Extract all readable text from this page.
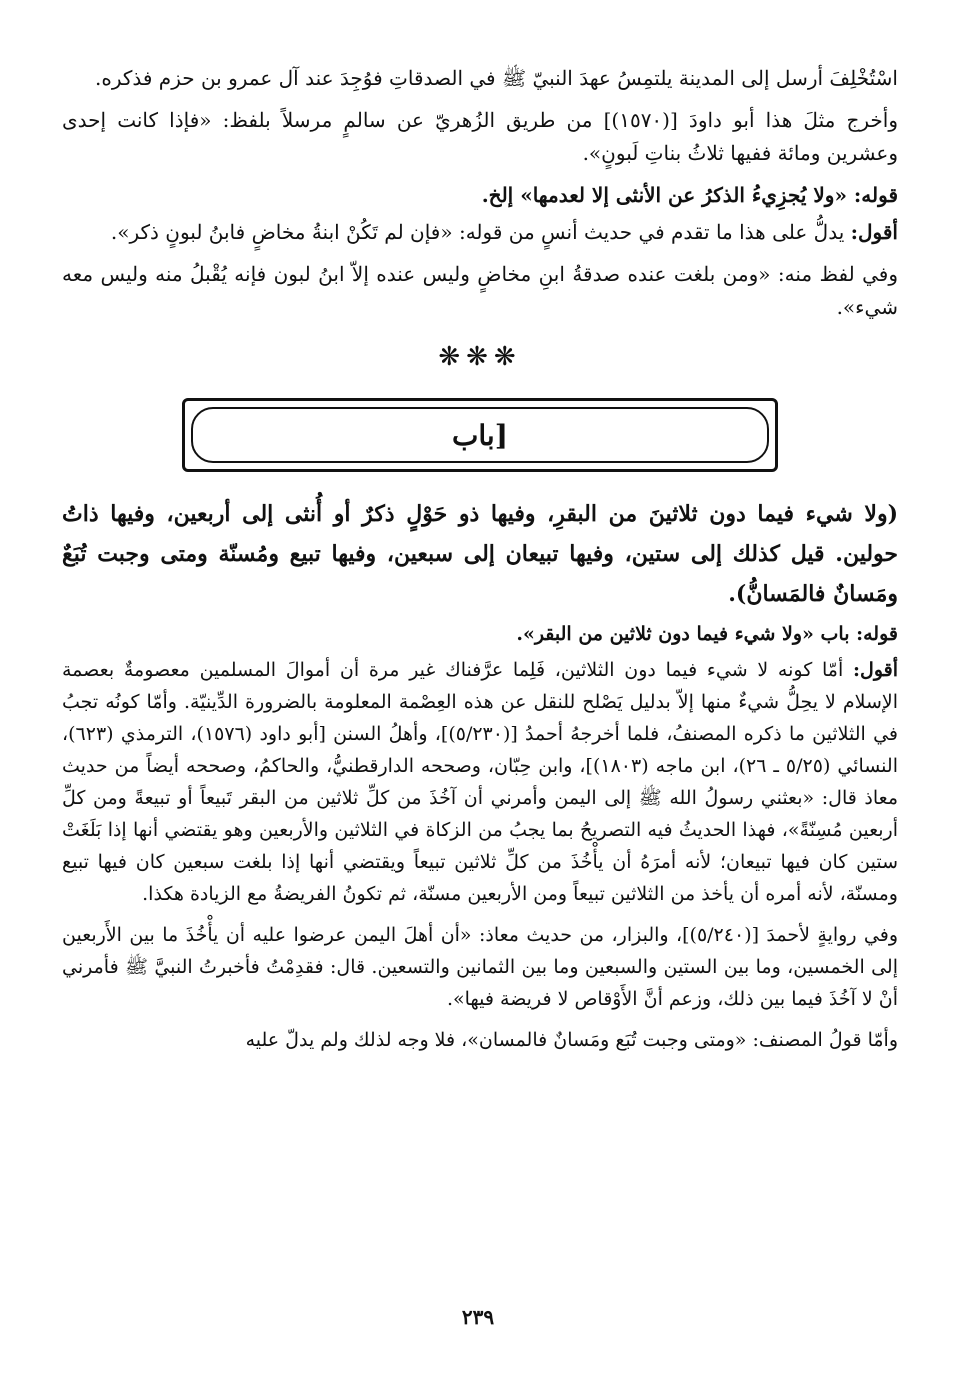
اسْتُخْلِفَ أرسل إلى المدينة يلتمِسُ عهدَ النبيّ ﷺ في الصدقاتِ فوُجِدَ عند آل عمرو بن حزم فذكره.

وأخرج مثلَ هذا أبو داودَ [(١٥٧٠)] من طريق الزُهريّ عن سالمٍ مرسلاً بلفظ: «فإذا كانت إحدى وعشرين ومائة ففيها ثلاثُ بناتِ لَبونٍ».

قوله: «ولا يُجزِيءُ الذكرُ عن الأنثى إلا لعدمها» إلخ.

أقول: يدلُّ على هذا ما تقدم في حديث أنسٍ من قوله: «فإن لم تَكُنْ ابنةُ مخاضٍ فابنُ لبونٍ ذكر».

وفي لفظ منه: «ومن بلغت عنده صدقةُ ابنِ مخاضٍ وليس عنده إلاّ ابنُ لبون فإنه يُقْبلُ منه وليس معه شيء».

❋❋❋
[باب

(ولا شيء فيما دون ثلاثينَ من البقرِ، وفيها ذو حَوْلٍ ذكرٌ أو أُنثى إلى أربعين، وفيها ذاتُ حولين. قيل كذلك إلى ستين، وفيها تبيعان إلى سبعين، وفيها تبيع ومُسنّة ومتى وجبت تُبَعٌ ومَسانٌ فالمَسانُّ).

قوله: باب «ولا شيء فيما دون ثلاثين من البقر».

أقول: أمّا كونه لا شيء فيما دون الثلاثين، فَلِما عرَّفناك غير مرة أن أموالَ المسلمين معصومةٌ بعصمة الإسلام لا يحِلُّ شيءٌ منها إلاّ بدليل يَصْلح للنقل عن هذه العِصْمة المعلومة بالضرورة الدِّينيّة. وأمّا كونُه تجبُ في الثلاثين ما ذكره المصنفُ، فلما أخرجهُ أحمدُ [(٥/٢٣٠)]، وأهلُ السنن [أبو داود (١٥٧٦)، الترمذي (٦٢٣)، النسائي (٥/٢٥ ـ ٢٦)، ابن ماجه (١٨٠٣)]، وابن حِبّان، وصححه الدارقطنيُّ، والحاكمُ، وصححه أيضاً من حديث معاذ قال: «بعثني رسولُ الله ﷺ إلى اليمن وأمرني أن آخُذَ من كلِّ ثلاثين من البقر تَبيعاً أو تبيعةً ومن كلِّ أربعين مُسِنّةً»، فهذا الحديثُ فيه التصريحُ بما يجبُ من الزكاة في الثلاثين والأربعين وهو يقتضي أنها إذا بَلَغَتْ ستين كان فيها تبيعان؛ لأنه أمرَهُ أن يأْخُذَ من كلِّ ثلاثين تبيعاً ويقتضي أنها إذا بلغت سبعين كان فيها تبيع ومسنّة، لأنه أمره أن يأخذ من الثلاثين تبيعاً ومن الأربعين مسنّة، ثم تكونُ الفريضةُ مع الزيادة هكذا.

وفي روايةٍ لأحمدَ [(٥/٢٤٠)]، والبزار، من حديث معاذ: «أن أهلَ اليمن عرضوا عليه أن يأْخُذَ ما بين الأَربعين إلى الخمسين، وما بين الستين والسبعين وما بين الثمانين والتسعين. قال: فقدِمْتُ فأخبرتُ النبيَّ ﷺ فأمرني أنْ لا آخُذَ فيما بين ذلك، وزعم أنَّ الأَوْقاص لا فريضة فيها».

وأمّا قولُ المصنف: «ومتى وجبت تُبَع ومَسانٌ فالمسان»، فلا وجه لذلك ولم يدلّ عليه

٢٣٩
